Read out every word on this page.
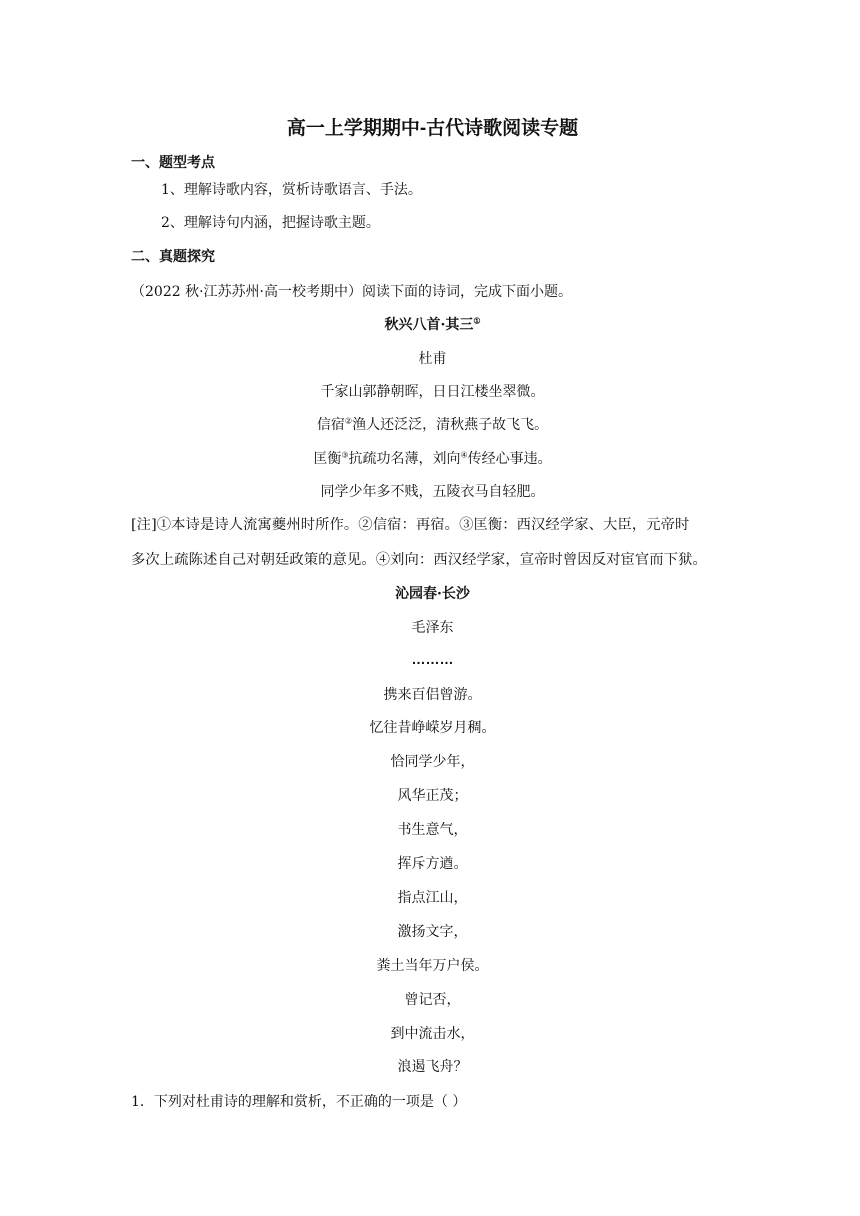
高一上学期期中-古代诗歌阅读专题
一、题型考点
1、理解诗歌内容，赏析诗歌语言、手法。
2、理解诗句内涵，把握诗歌主题。
二、真题探究
（2022 秋·江苏苏州·高一校考期中）阅读下面的诗词，完成下面小题。
秋兴八首·其三①
杜甫
千家山郭静朝晖，日日江楼坐翠微。
信宿②渔人还泛泛，清秋燕子故飞飞。
匡衡③抗疏功名薄，刘向④传经心事违。
同学少年多不贱，五陵衣马自轻肥。
[注]①本诗是诗人流寓夔州时所作。②信宿：再宿。③匡衡：西汉经学家、大臣，元帝时
多次上疏陈述自己对朝廷政策的意见。④刘向：西汉经学家，宣帝时曾因反对宦官而下狱。
沁园春·长沙
毛泽东
………
携来百侣曾游。
忆往昔峥嵘岁月稠。
恰同学少年，
风华正茂；
书生意气，
挥斥方遒。
指点江山，
激扬文字，
粪土当年万户侯。
曾记否，
到中流击水，
浪遏飞舟？
1．下列对杜甫诗的理解和赏析，不正确的一项是（ ）
